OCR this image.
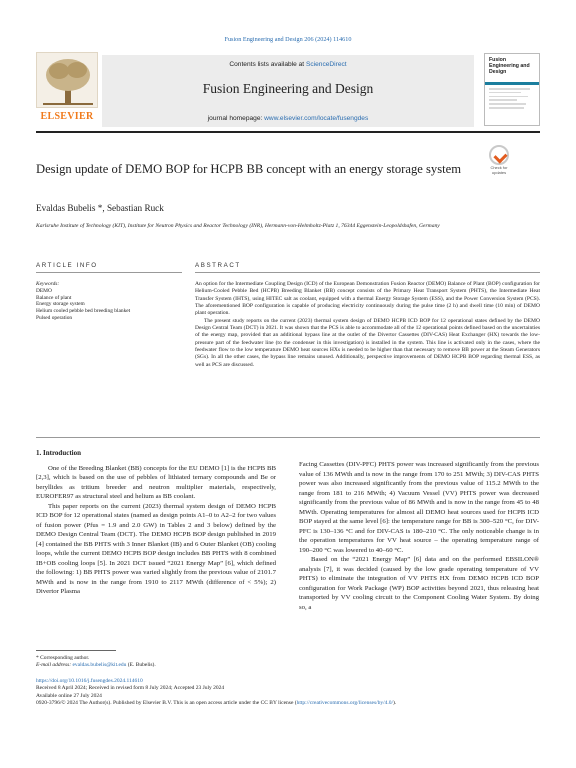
Fusion Engineering and Design 206 (2024) 114610
ELSEVIER
Contents lists available at ScienceDirect
Fusion Engineering and Design
journal homepage: www.elsevier.com/locate/fusengdes
Fusion Engineering and Design
Design update of DEMO BOP for HCPB BB concept with an energy storage system	Check for updates
Evaldas Bubelis *, Sebastian Ruck
Karlsruhe Institute of Technology (KIT), Institute for Neutron Physics and Reactor Technology (INR), Hermann-von-Helmholtz-Platz 1, 76344 Eggenstein-Leopoldshafen, Germany
ARTICLE INFO
Keywords:
DEMO
Balance of plant
Energy storage system
Helium cooled pebble bed breeding blanket
Pulsed operation
ABSTRACT

An option for the Intermediate Coupling Design (ICD) of the European Demonstration Fusion Reactor (DEMO) Balance of Plant (BOP) configuration for Helium-Cooled Pebble Bed (HCPB) Breeding Blanket (BB) concept consists of the Primary Heat Transport System (PHTS), the Intermediate Heat Transfer System (IHTS), using HITEC salt as coolant, equipped with a thermal Energy Storage System (ESS), and the Power Conversion System (PCS). The aforementioned BOP configuration is capable of producing electricity continuously during the pulse time (2 h) and dwell time (10 min) of DEMO plant operation.

The present study reports on the current (2023) thermal system design of DEMO HCPB ICD BOP for 12 operational states defined by the DEMO Design Central Team (DCT) in 2021. It was shown that the PCS is able to accommodate all of the 12 operational points defined based on the uncertainties of the energy map, provided that an additional bypass line at the outlet of the Divertor Cassettes (DIV-CAS) Heat Exchanger (HX) towards the low-pressure part of the feedwater line (to the condenser in this investigation) is installed in the system. This line is activated only in the cases, where the feedwater flow to the low temperature DEMO heat sources HXs is needed to be higher than that necessary to remove BB power at the Steam Generators (SGs). In all the other cases, the bypass line remains unused. Additionally, perspective improvements of DEMO HCPB BOP regarding thermal ESS, as well as PCS are discussed.

1. Introduction

One of the Breeding Blanket (BB) concepts for the EU DEMO [1] is the HCPB BB [2,3], which is based on the use of pebbles of lithiated ternary compounds and Be or beryllides as tritium breeder and neutron multiplier materials, respectively, EUROFER97 as structural steel and helium as BB coolant.

This paper reports on the current (2023) thermal system design of DEMO HCPB ICD BOP for 12 operational states (named as design points A1–0 to A2–2 for two values of fusion power (Pfus = 1.9 and 2.0 GW) in Tables 2 and 3 below) defined by the DEMO Design Central Team (DCT). The DEMO HCPB BOP design published in 2019 [4] contained the BB PHTS with 3 Inner Blanket (IB) and 6 Outer Blanket (OB) cooling loops, while the current DEMO HCPB BOP design includes BB PHTS with 8 combined IB+OB cooling loops [5]. In 2021 DCT issued “2021 Energy Map” [6], which defined the following: 1) BB PHTS power was varied slightly from the previous value of 2101.7 MWth and is now in the range from 1910 to 2117 MWth (difference of < 5%); 2) Divertor Plasma

Facing Cassettes (DIV-PFC) PHTS power was increased significantly from the previous value of 136 MWth and is now in the range from 170 to 251 MWth; 3) DIV-CAS PHTS power was also increased significantly from the previous value of 115.2 MWth to the range from 181 to 216 MWth; 4) Vacuum Vessel (VV) PHTS power was decreased significantly from the previous value of 86 MWth and is now in the range from 45 to 48 MWth. Operating temperatures for almost all DEMO heat sources used for HCPB ICD BOP stayed at the same level [6]: the temperature range for BB is 300–520 °C, for DIV-PFC is 130–136 °C and for DIV-CAS is 180–210 °C. The only noticeable change is in the operation temperatures for VV heat source – the operating temperature range of 190–200 °C was lowered to 40–60 °C.

Based on the “2021 Energy Map” [6] data and on the performed EBSILON® analysis [7], it was decided (caused by the low grade operating temperature of VV PHTS) to eliminate the integration of VV PHTS HX from DEMO HCPB ICD BOP configuration for Work Package (WP) BOP activities beyond 2021, thus releasing heat transported by VV cooling circuit to the Component Cooling Water System. By doing so, a

* Corresponding author.
E-mail address: evaldas.bubelis@kit.edu (E. Bubelis).
https://doi.org/10.1016/j.fusengdes.2024.114610
Received 8 April 2024; Received in revised form 8 July 2024; Accepted 23 July 2024
Available online 27 July 2024
0920-3796/© 2024 The Author(s). Published by Elsevier B.V. This is an open access article under the CC BY license (http://creativecommons.org/licenses/by/4.0/).
